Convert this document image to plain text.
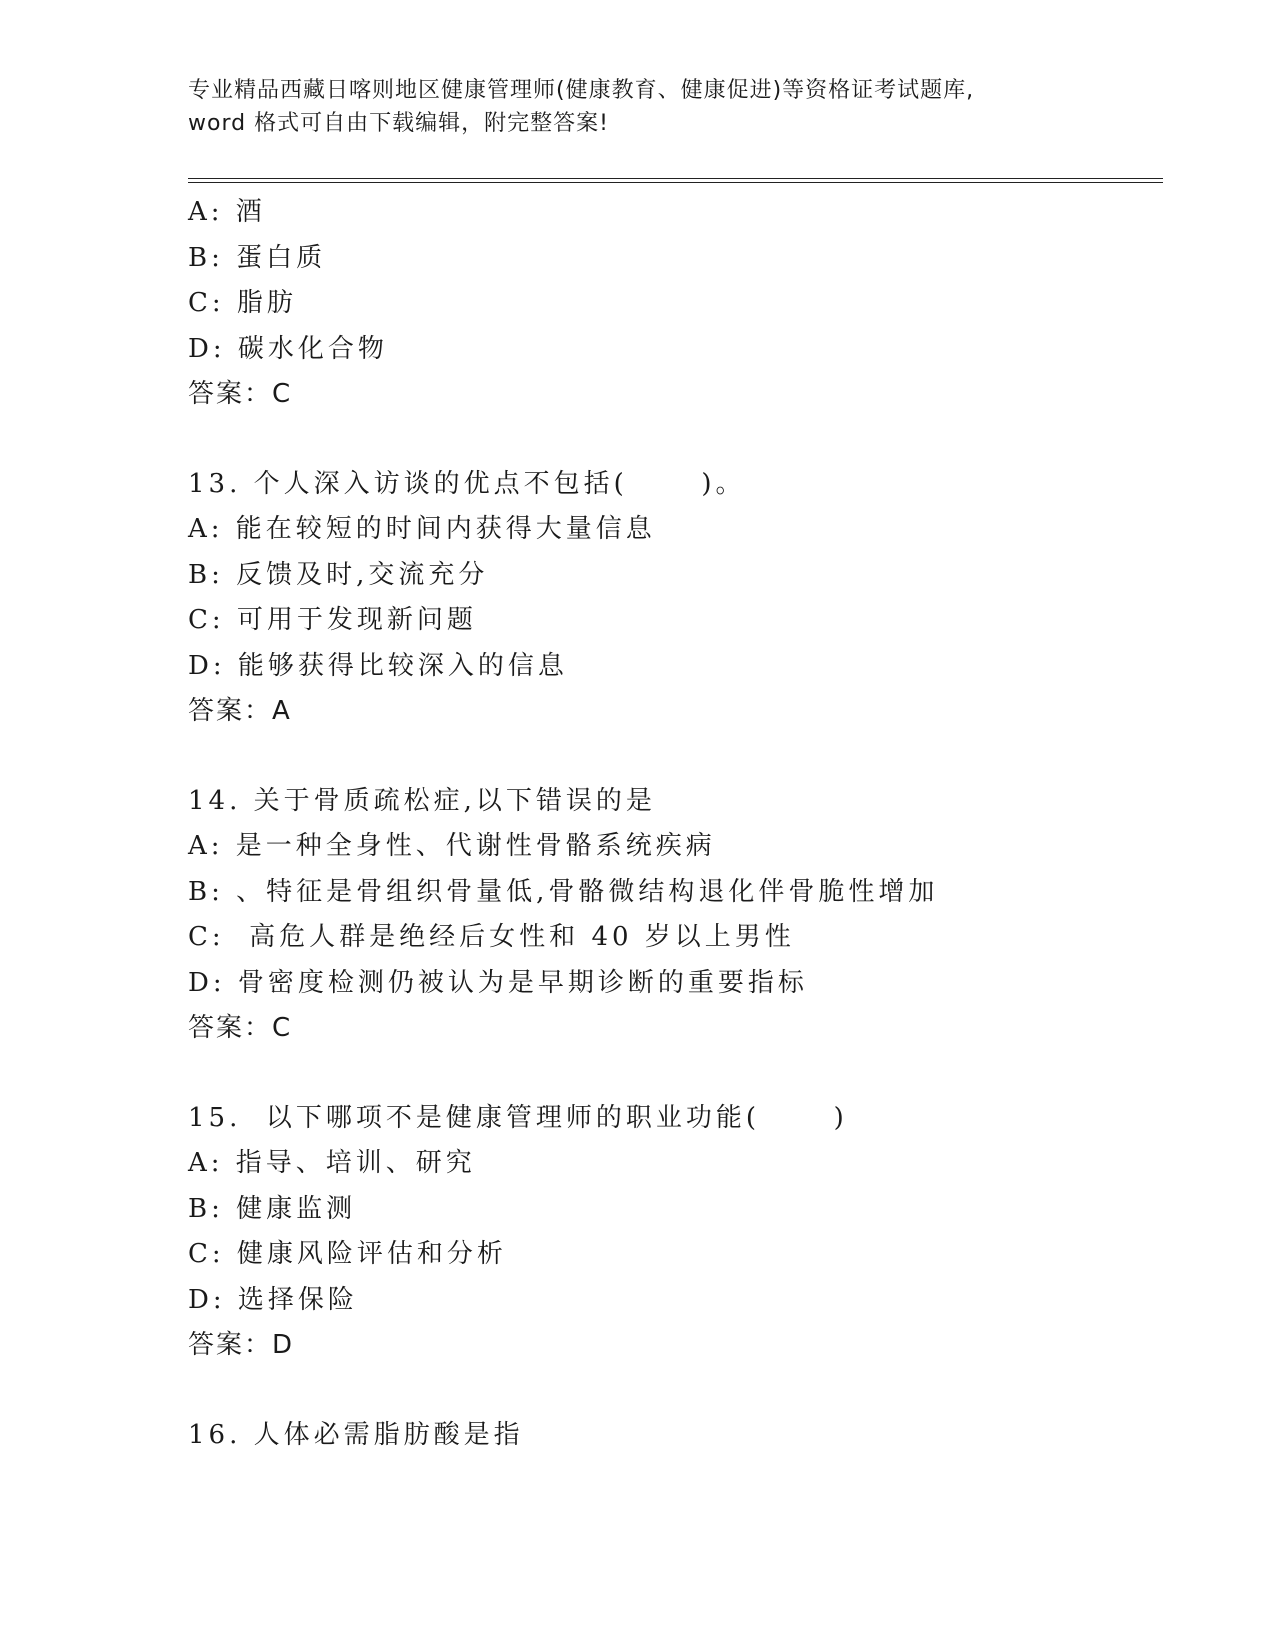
专业精品西藏日喀则地区健康管理师(健康教育、健康促进)等资格证考试题库,
word 格式可自由下载编辑，附完整答案!
A: 酒
B: 蛋白质
C: 脂肪
D: 碳水化合物
答案：C
13. 个人深入访谈的优点不包括(      )。
A: 能在较短的时间内获得大量信息
B: 反馈及时,交流充分
C: 可用于发现新问题
D: 能够获得比较深入的信息
答案：A
14. 关于骨质疏松症,以下错误的是
A: 是一种全身性、代谢性骨骼系统疾病
B: 、特征是骨组织骨量低,骨骼微结构退化伴骨脆性增加
C:  高危人群是绝经后女性和 40 岁以上男性
D: 骨密度检测仍被认为是早期诊断的重要指标
答案：C
15.  以下哪项不是健康管理师的职业功能(      )
A: 指导、培训、研究
B: 健康监测
C: 健康风险评估和分析
D: 选择保险
答案：D
16. 人体必需脂肪酸是指
